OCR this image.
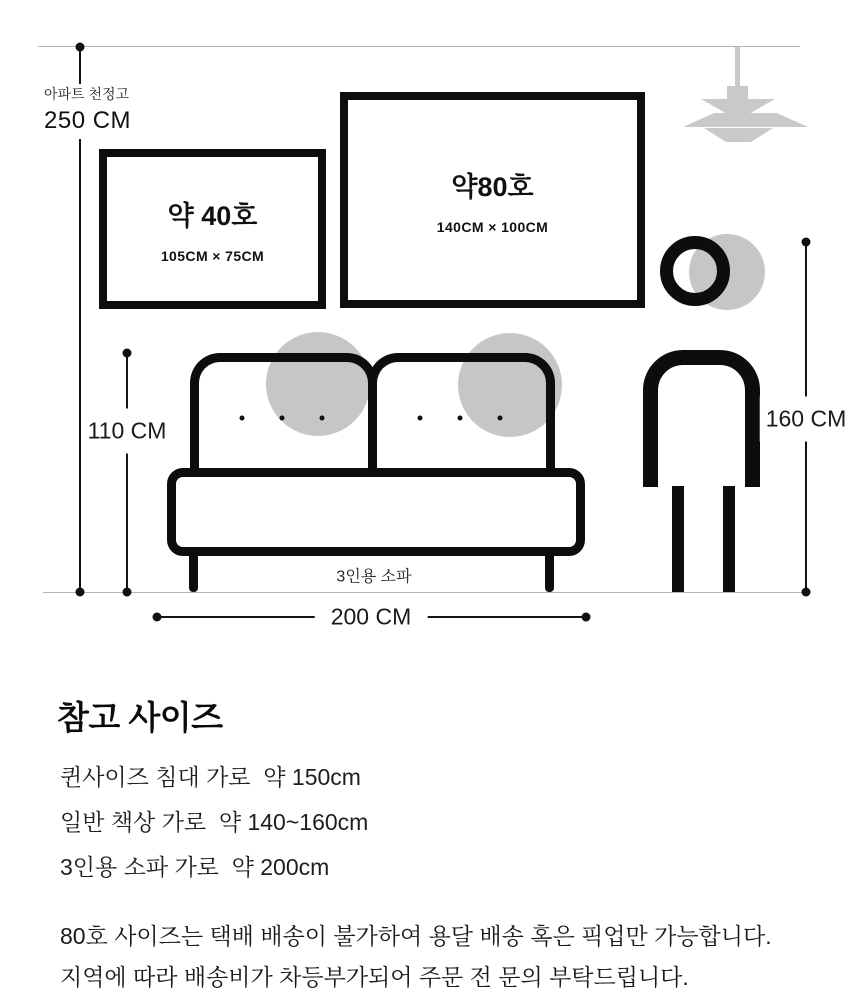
아파트 천정고
250 CM
약 40호
105CM × 75CM
약80호
140CM × 100CM
3인용 소파
110 CM	160 CM
200 CM
참고 사이즈
퀸사이즈 침대 가로  약 150cm
일반 책상 가로  약 140~160cm
3인용 소파 가로  약 200cm
80호 사이즈는 택배 배송이 불가하여 용달 배송 혹은 픽업만 가능합니다.
지역에 따라 배송비가 차등부가되어 주문 전 문의 부탁드립니다.
